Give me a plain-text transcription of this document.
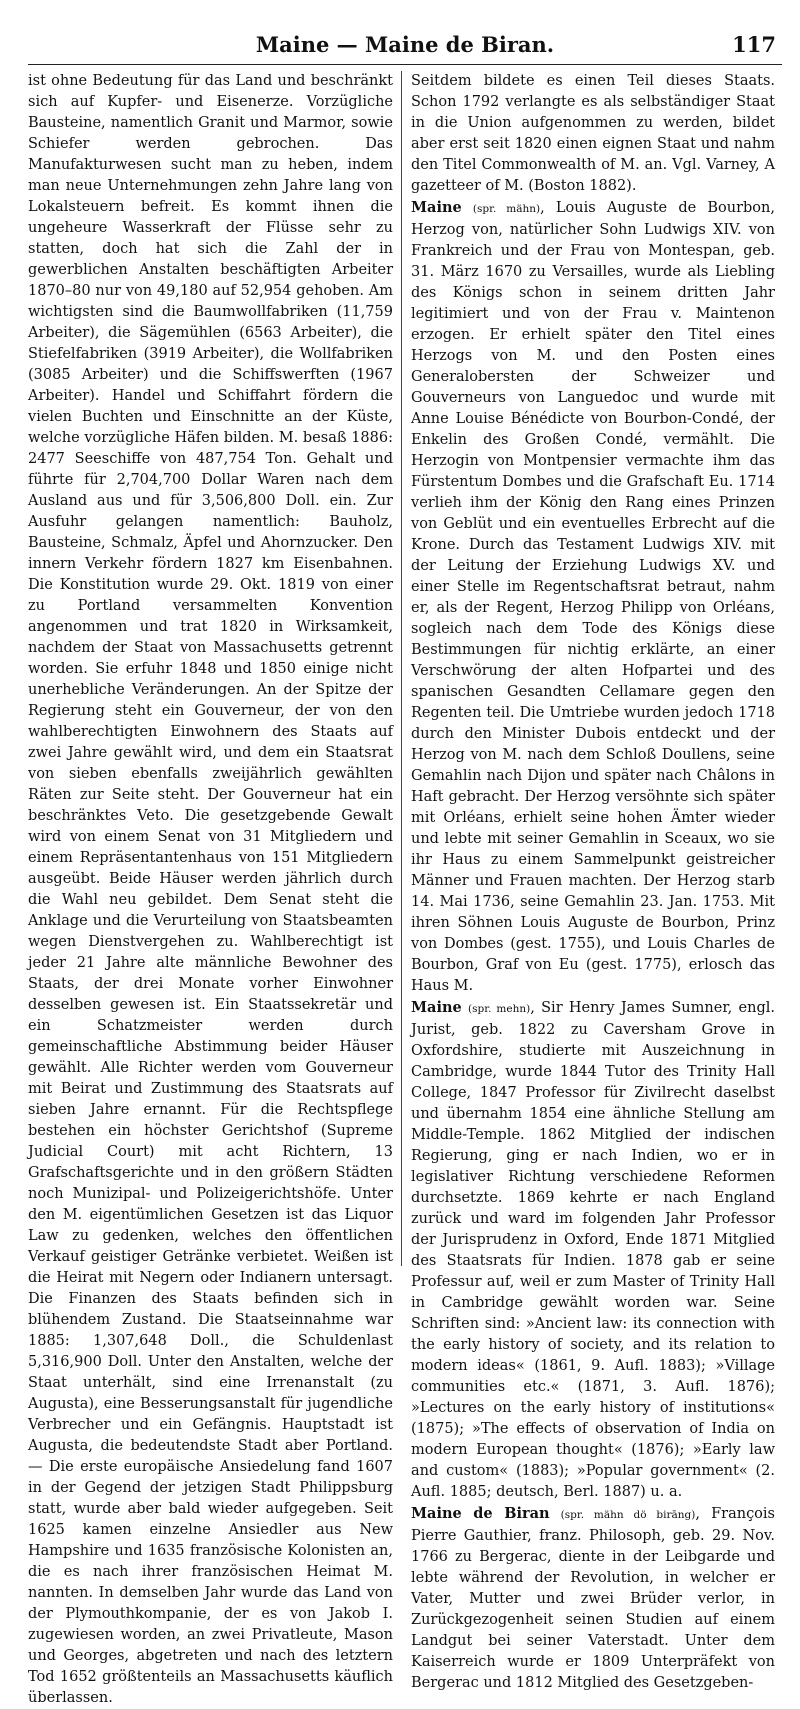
Maine — Maine de Biran.	117

ist ohne Bedeutung für das Land und beschränkt sich auf Kupfer- und Eisenerze. Vorzügliche Bausteine, namentlich Granit und Marmor, sowie Schiefer werden gebrochen. Das Manufakturwesen sucht man zu heben, indem man neue Unternehmungen zehn Jahre lang von Lokalsteuern befreit. Es kommt ihnen die ungeheure Wasserkraft der Flüsse sehr zu statten, doch hat sich die Zahl der in gewerblichen Anstalten beschäftigten Arbeiter 1870–80 nur von 49,180 auf 52,954 gehoben. Am wichtigsten sind die Baumwollfabriken (11,759 Arbeiter), die Sägemühlen (6563 Arbeiter), die Stiefelfabriken (3919 Arbeiter), die Wollfabriken (3085 Arbeiter) und die Schiffswerften (1967 Arbeiter). Handel und Schiffahrt fördern die vielen Buchten und Einschnitte an der Küste, welche vorzügliche Häfen bilden. M. besaß 1886: 2477 Seeschiffe von 487,754 Ton. Gehalt und führte für 2,704,700 Dollar Waren nach dem Ausland aus und für 3,506,800 Doll. ein. Zur Ausfuhr gelangen namentlich: Bauholz, Bausteine, Schmalz, Äpfel und Ahornzucker. Den innern Verkehr fördern 1827 km Eisenbahnen. Die Konstitution wurde 29. Okt. 1819 von einer zu Portland versammelten Konvention angenommen und trat 1820 in Wirksamkeit, nachdem der Staat von Massachusetts getrennt worden. Sie erfuhr 1848 und 1850 einige nicht unerhebliche Veränderungen. An der Spitze der Regierung steht ein Gouverneur, der von den wahlberechtigten Einwohnern des Staats auf zwei Jahre gewählt wird, und dem ein Staatsrat von sieben ebenfalls zweijährlich gewählten Räten zur Seite steht. Der Gouverneur hat ein beschränktes Veto. Die gesetzgebende Gewalt wird von einem Senat von 31 Mitgliedern und einem Repräsentantenhaus von 151 Mitgliedern ausgeübt. Beide Häuser werden jährlich durch die Wahl neu gebildet. Dem Senat steht die Anklage und die Verurteilung von Staatsbeamten wegen Dienstvergehen zu. Wahlberechtigt ist jeder 21 Jahre alte männliche Bewohner des Staats, der drei Monate vorher Einwohner desselben gewesen ist. Ein Staatssekretär und ein Schatzmeister werden durch gemeinschaftliche Abstimmung beider Häuser gewählt. Alle Richter werden vom Gouverneur mit Beirat und Zustimmung des Staatsrats auf sieben Jahre ernannt. Für die Rechtspflege bestehen ein höchster Gerichtshof (Supreme Judicial Court) mit acht Richtern, 13 Grafschaftsgerichte und in den größern Städten noch Munizipal- und Polizeigerichtshöfe. Unter den M. eigentümlichen Gesetzen ist das Liquor Law zu gedenken, welches den öffentlichen Verkauf geistiger Getränke verbietet. Weißen ist die Heirat mit Negern oder Indianern untersagt. Die Finanzen des Staats befinden sich in blühendem Zustand. Die Staatseinnahme war 1885: 1,307,648 Doll., die Schuldenlast 5,316,900 Doll. Unter den Anstalten, welche der Staat unterhält, sind eine Irrenanstalt (zu Augusta), eine Besserungsanstalt für jugendliche Verbrecher und ein Gefängnis. Hauptstadt ist Augusta, die bedeutendste Stadt aber Portland. — Die erste europäische Ansiedelung fand 1607 in der Gegend der jetzigen Stadt Philippsburg statt, wurde aber bald wieder aufgegeben. Seit 1625 kamen einzelne Ansiedler aus New Hampshire und 1635 französische Kolonisten an, die es nach ihrer französischen Heimat M. nannten. In demselben Jahr wurde das Land von der Plymouthkompanie, der es von Jakob I. zugewiesen worden, an zwei Privatleute, Mason und Georges, abgetreten und nach des letztern Tod 1652 größtenteils an Massachusetts käuflich überlassen.

Seitdem bildete es einen Teil dieses Staats. Schon 1792 verlangte es als selbständiger Staat in die Union aufgenommen zu werden, bildet aber erst seit 1820 einen eignen Staat und nahm den Titel Commonwealth of M. an. Vgl. Varney, A gazetteer of M. (Boston 1882).

Maine (spr. mähn), Louis Auguste de Bourbon, Herzog von, natürlicher Sohn Ludwigs XIV. von Frankreich und der Frau von Montespan, geb. 31. März 1670 zu Versailles, wurde als Liebling des Königs schon in seinem dritten Jahr legitimiert und von der Frau v. Maintenon erzogen. Er erhielt später den Titel eines Herzogs von M. und den Posten eines Generalobersten der Schweizer und Gouverneurs von Languedoc und wurde mit Anne Louise Bénédicte von Bourbon-Condé, der Enkelin des Großen Condé, vermählt. Die Herzogin von Montpensier vermachte ihm das Fürstentum Dombes und die Grafschaft Eu. 1714 verlieh ihm der König den Rang eines Prinzen von Geblüt und ein eventuelles Erbrecht auf die Krone. Durch das Testament Ludwigs XIV. mit der Leitung der Erziehung Ludwigs XV. und einer Stelle im Regentschaftsrat betraut, nahm er, als der Regent, Herzog Philipp von Orléans, sogleich nach dem Tode des Königs diese Bestimmungen für nichtig erklärte, an einer Verschwörung der alten Hofpartei und des spanischen Gesandten Cellamare gegen den Regenten teil. Die Umtriebe wurden jedoch 1718 durch den Minister Dubois entdeckt und der Herzog von M. nach dem Schloß Doullens, seine Gemahlin nach Dijon und später nach Châlons in Haft gebracht. Der Herzog versöhnte sich später mit Orléans, erhielt seine hohen Ämter wieder und lebte mit seiner Gemahlin in Sceaux, wo sie ihr Haus zu einem Sammelpunkt geistreicher Männer und Frauen machten. Der Herzog starb 14. Mai 1736, seine Gemahlin 23. Jan. 1753. Mit ihren Söhnen Louis Auguste de Bourbon, Prinz von Dombes (gest. 1755), und Louis Charles de Bourbon, Graf von Eu (gest. 1775), erlosch das Haus M.

Maine (spr. mehn), Sir Henry James Sumner, engl. Jurist, geb. 1822 zu Caversham Grove in Oxfordshire, studierte mit Auszeichnung in Cambridge, wurde 1844 Tutor des Trinity Hall College, 1847 Professor für Zivilrecht daselbst und übernahm 1854 eine ähnliche Stellung am Middle-Temple. 1862 Mitglied der indischen Regierung, ging er nach Indien, wo er in legislativer Richtung verschiedene Reformen durchsetzte. 1869 kehrte er nach England zurück und ward im folgenden Jahr Professor der Jurisprudenz in Oxford, Ende 1871 Mitglied des Staatsrats für Indien. 1878 gab er seine Professur auf, weil er zum Master of Trinity Hall in Cambridge gewählt worden war. Seine Schriften sind: »Ancient law: its connection with the early history of society, and its relation to modern ideas« (1861, 9. Aufl. 1883); »Village communities etc.« (1871, 3. Aufl. 1876); »Lectures on the early history of institutions« (1875); »The effects of observation of India on modern European thought« (1876); »Early law and custom« (1883); »Popular government« (2. Aufl. 1885; deutsch, Berl. 1887) u. a.

Maine de Biran (spr. mähn dö birāng), François Pierre Gauthier, franz. Philosoph, geb. 29. Nov. 1766 zu Bergerac, diente in der Leibgarde und lebte während der Revolution, in welcher er Vater, Mutter und zwei Brüder verlor, in Zurückgezogenheit seinen Studien auf einem Landgut bei seiner Vaterstadt. Unter dem Kaiserreich wurde er 1809 Unterpräfekt von Bergerac und 1812 Mitglied des Gesetzgeben-
